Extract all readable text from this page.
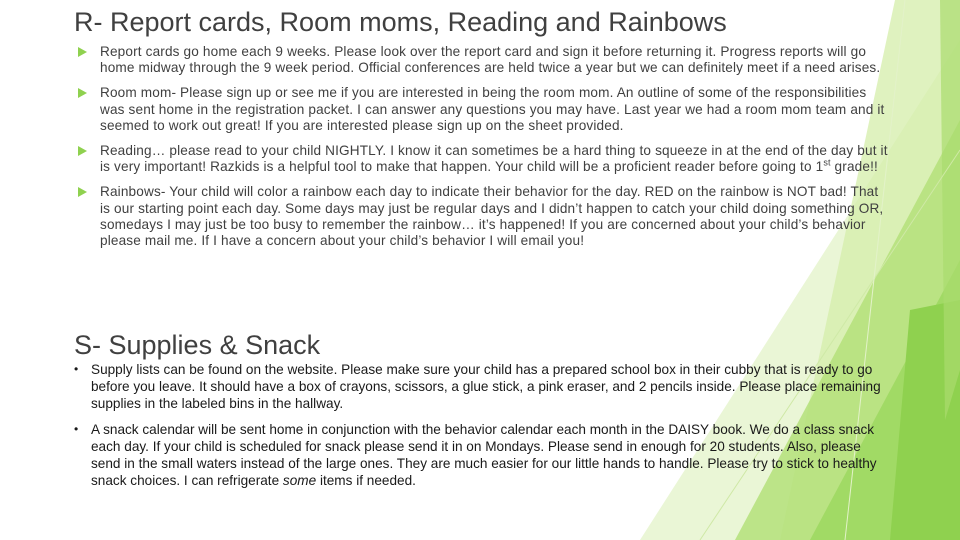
R- Report cards, Room moms, Reading and Rainbows
Report cards go home each 9 weeks. Please look over the report card and sign it before returning it. Progress reports will go home midway through the 9 week period. Official conferences are held twice a year but we can definitely meet if a need arises.
Room mom- Please sign up or see me if you are interested in being the room mom. An outline of some of the responsibilities was sent home in the registration packet. I can answer any questions you may have. Last year we had a room mom team and it seemed to work out great! If you are interested please sign up on the sheet provided.
Reading… please read to your child NIGHTLY. I know it can sometimes be a hard thing to squeeze in at the end of the day but it is very important! Razkids is a helpful tool to make that happen. Your child will be a proficient reader before going to 1st grade!!
Rainbows- Your child will color a rainbow each day to indicate their behavior for the day. RED on the rainbow is NOT bad! That is our starting point each day. Some days may just be regular days and I didn’t happen to catch your child doing something OR, somedays I may just be too busy to remember the rainbow… it’s happened! If you are concerned about your child’s behavior please mail me. If I have a concern about your child’s behavior I will email you!
S- Supplies & Snack
• Supply lists can be found on the website. Please make sure your child has a prepared school box in their cubby that is ready to go before you leave. It should have a box of crayons, scissors, a glue stick, a pink eraser, and 2 pencils inside. Please place remaining supplies in the labeled bins in the hallway.
• A snack calendar will be sent home in conjunction with the behavior calendar each month in the DAISY book. We do a class snack each day. If your child is scheduled for snack please send it in on Mondays. Please send in enough for 20 students. Also, please send in the small waters instead of the large ones. They are much easier for our little hands to handle. Please try to stick to healthy snack choices. I can refrigerate some items if needed.
